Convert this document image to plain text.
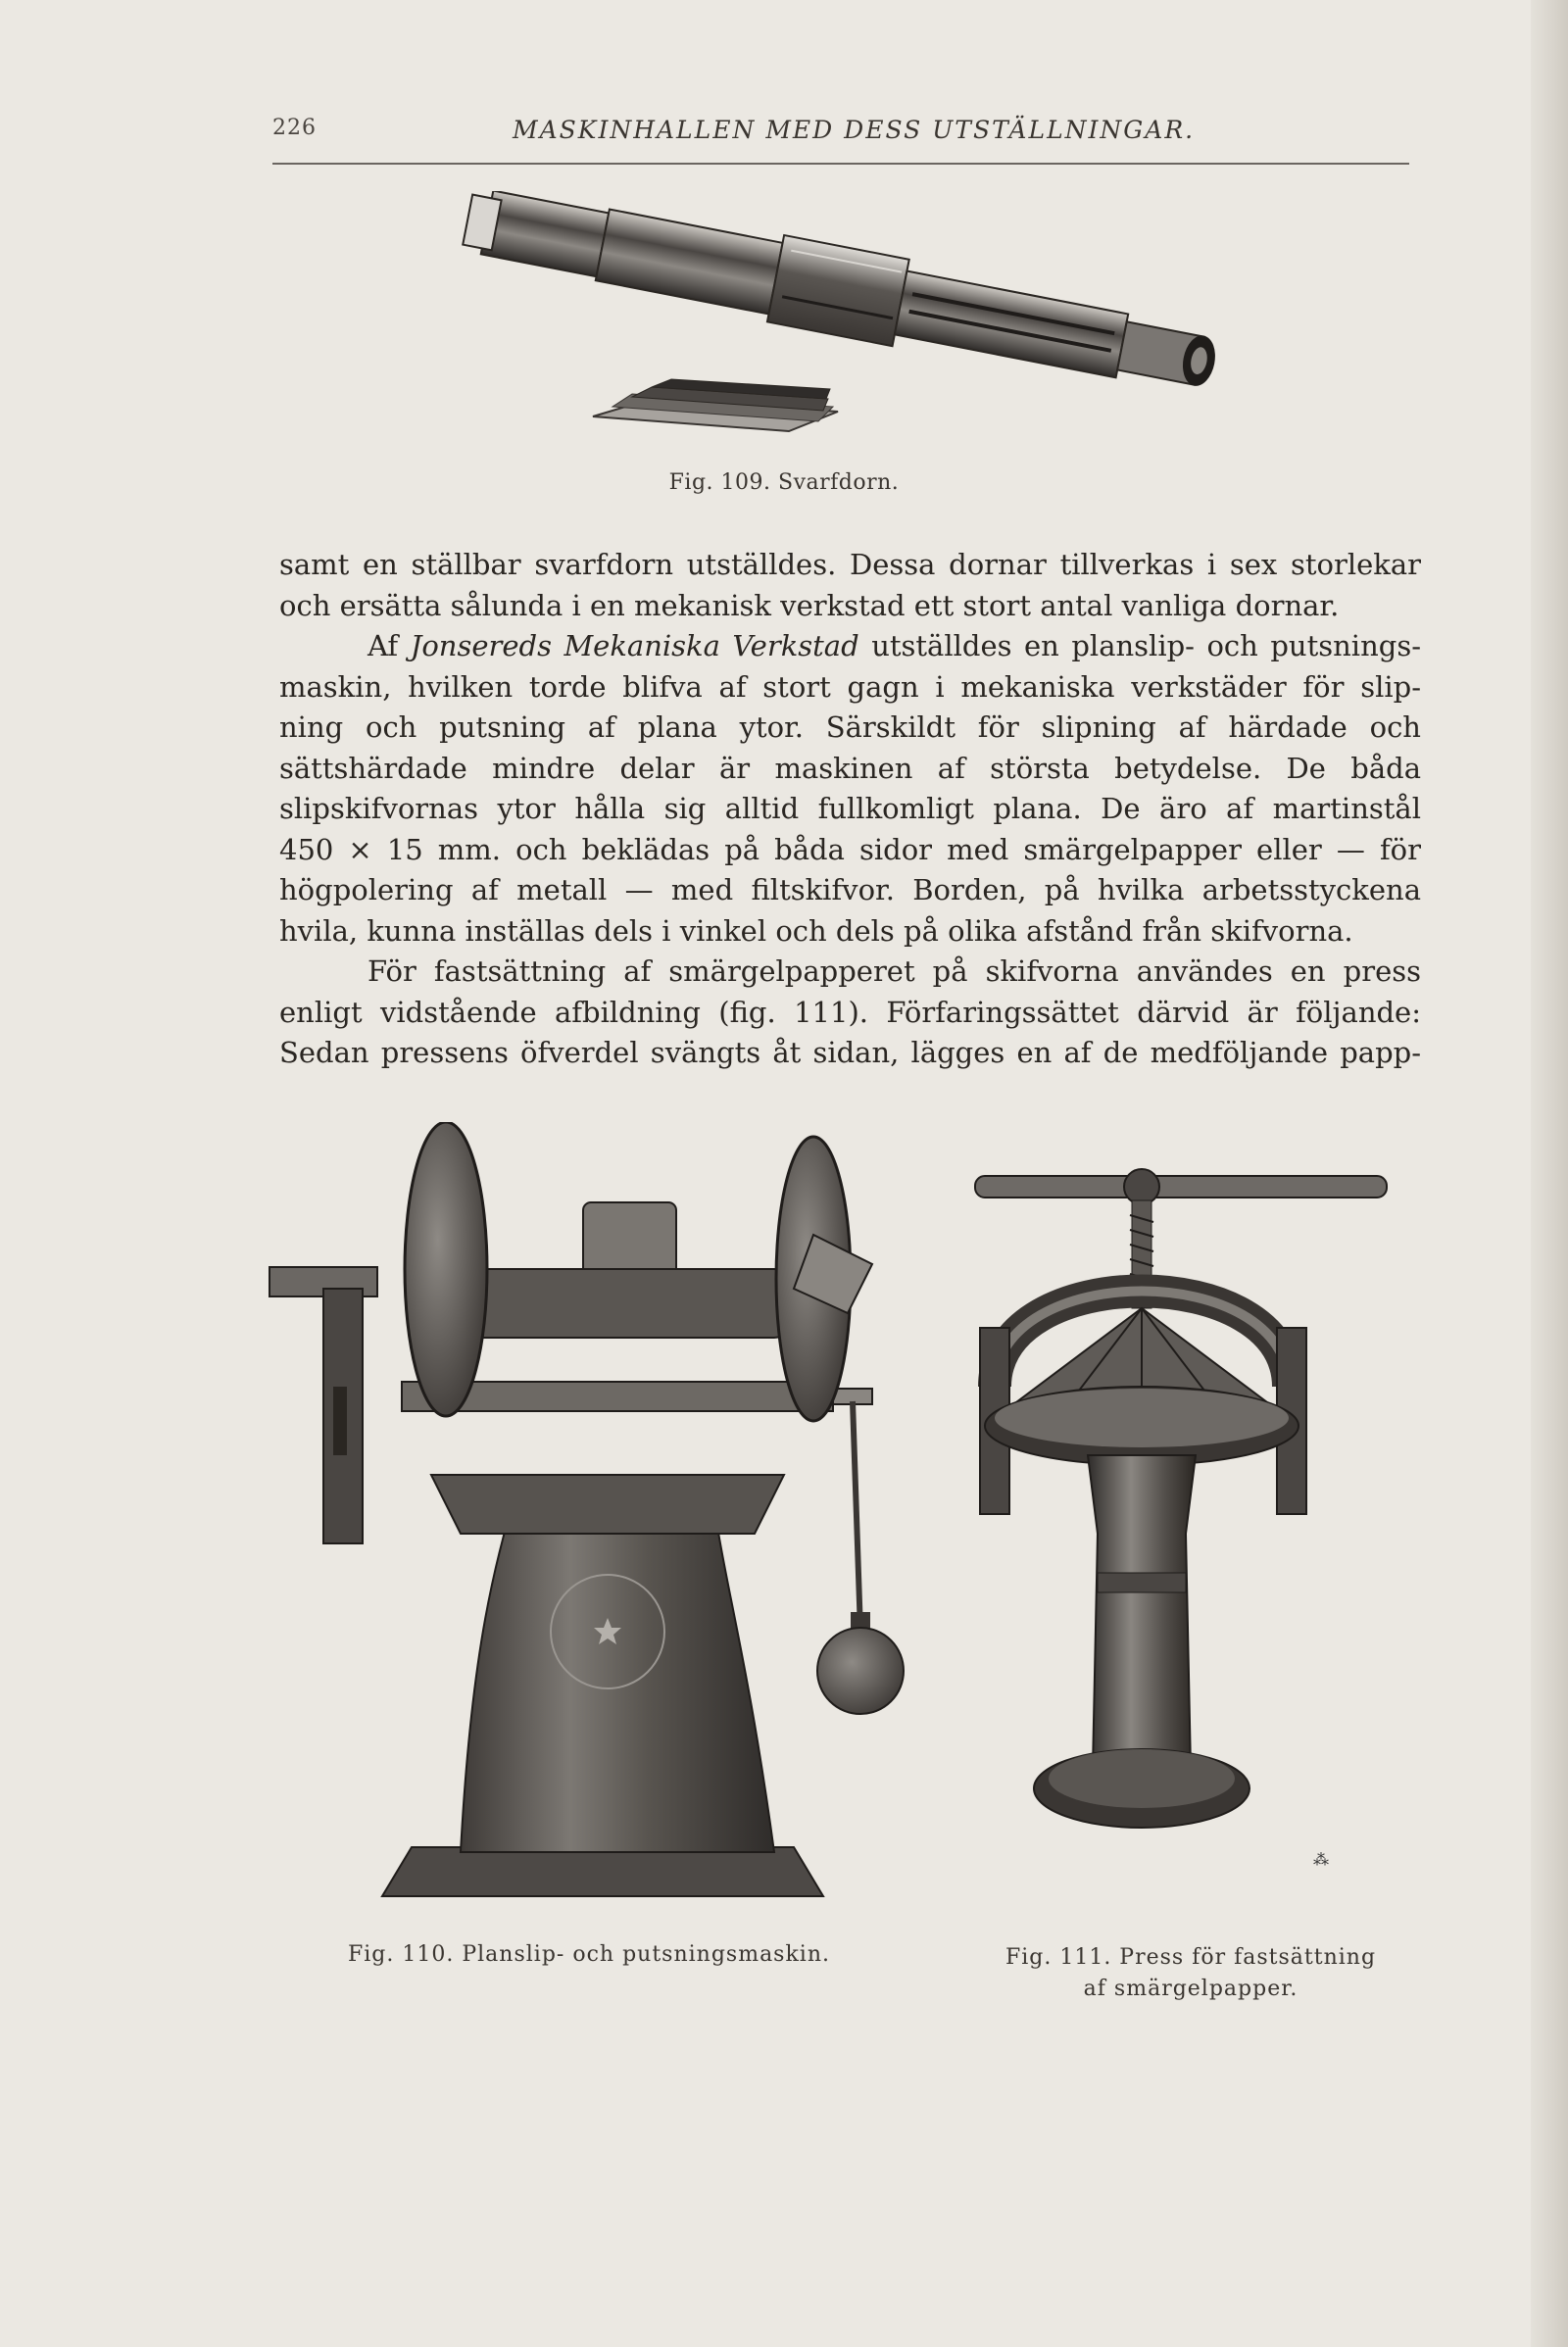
226	MASKINHALLEN MED DESS UTSTÄLLNINGAR.
Fig. 109. Svarfdorn.
samt en ställbar svarfdorn utställdes. Dessa dornar tillverkas i sex storlekar
och ersätta sålunda i en mekanisk verkstad ett stort antal vanliga dornar.
Af Jonsereds Mekaniska Verkstad utställdes en planslip- och putsnings-
maskin, hvilken torde blifva af stort gagn i mekaniska verkstäder för slip-
ning och putsning af plana ytor. Särskildt för slipning af härdade och
sättshärdade mindre delar är maskinen af största betydelse. De båda
slipskifvornas ytor hålla sig alltid fullkomligt plana. De äro af martinstål
450 × 15 mm. och beklädas på båda sidor med smärgelpapper eller — för
högpolering af metall — med filtskifvor. Borden, på hvilka arbetsstyckena
hvila, kunna inställas dels i vinkel och dels på olika afstånd från skifvorna.
För fastsättning af smärgelpapperet på skifvorna användes en press
enligt vidstående afbildning (fig. 111). Förfaringssättet därvid är följande:
Sedan pressens öfverdel svängts åt sidan, lägges en af de medföljande papp-
⁂
Fig. 110. Planslip- och putsningsmaskin.	Fig. 111. Press för fastsättning
af smärgelpapper.
